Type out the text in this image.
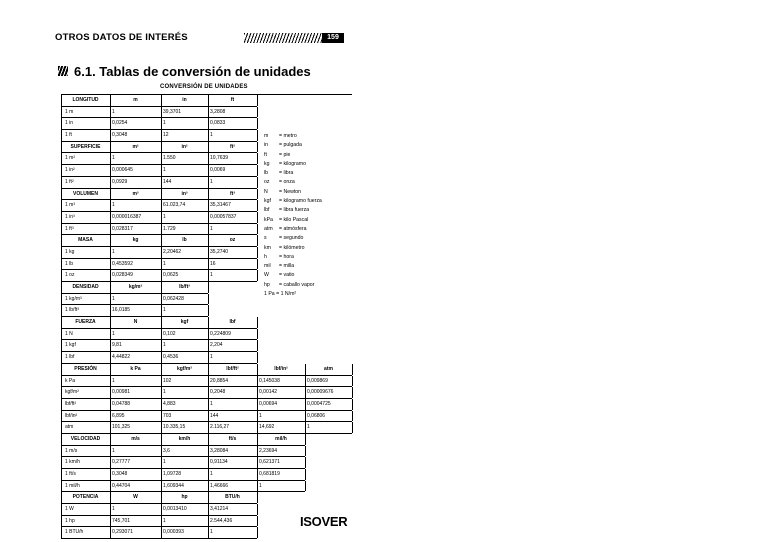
OTROS DATOS DE INTERÉS	159
6.1. Tablas de conversión de unidades
CONVERSIÓN DE UNIDADES
LONGITUD	m	in	ft
1 m	1	39,3701	3,2808
1 in	0,0254	1	0,0833
1 ft	0,3048	12	1
SUPERFICIE	m²	in²	ft²
1 m²	1	1.550	10,7639
1 in²	0,000645	1	0,0069
1 ft²	0,0929	144	1
VOLUMEN	m³	in³	ft³
1 m³	1	61.023,74	35,31467
1 in³	0,000016387	1	0,00057837
1 ft³	0,028317	1.729	1
MASA	kg	lb	oz
1 kg	1	2,20462	35,2740
1 lb	0,453592	1	16
1 oz	0,028349	0,0625	1
DENSIDAD	kg/m³	lb/ft³
1 kg/m³	1	0,062428
1 lb/ft³	16,0185	1
FUERZA	N	kgf	lbf
1 N	1	0,102	0,224809
1 kgf	9,81	1	2,204
1 lbf	4,44822	0,4536	1
PRESIÓN	k Pa	kgf/m²	lbf/ft²	lbf/in²	atm
k Pa	1	102	20,8854	0,145038	0,009869
kgf/m²	0,00981	1	0,2048	0,00142	0,00009676
lbf/ft²	0,04788	4,883	1	0,00694	0,0004725
lbf/in²	6,895	703	144	1	0,06806
atm	101,325	10.335,15	2.116,27	14,692	1
VELOCIDAD	m/s	km/h	ft/s	mil/h
1 m/s	1	3,6	3,28084	2,23694
1 km/h	0,27777	1	0,91134	0,621371
1 ft/s	0,3048	1,09728	1	0,681819
1 mil/h	0,44704	1,609344	1,46666	1
POTENCIA	W	hp	BTU/h
1 W	1	0,0013410	3,41214
1 hp	745,701	1	2.544,436
1 BTU/h	0,293071	0,000393	1
m = metro
in = pulgada
ft = pie
kg = kilogramo
lb = libra
oz = onza
N = Newton
kgf = kilogramo fuerza
lbf = libra fuerza
kPa = kilo Pascal
atm = atmósfera
s = segundo
km = kilómetro
h = hora
mil = milla
W = vatio
hp = caballo vapor
1 Pa = 1 N/m²
ISOVER
